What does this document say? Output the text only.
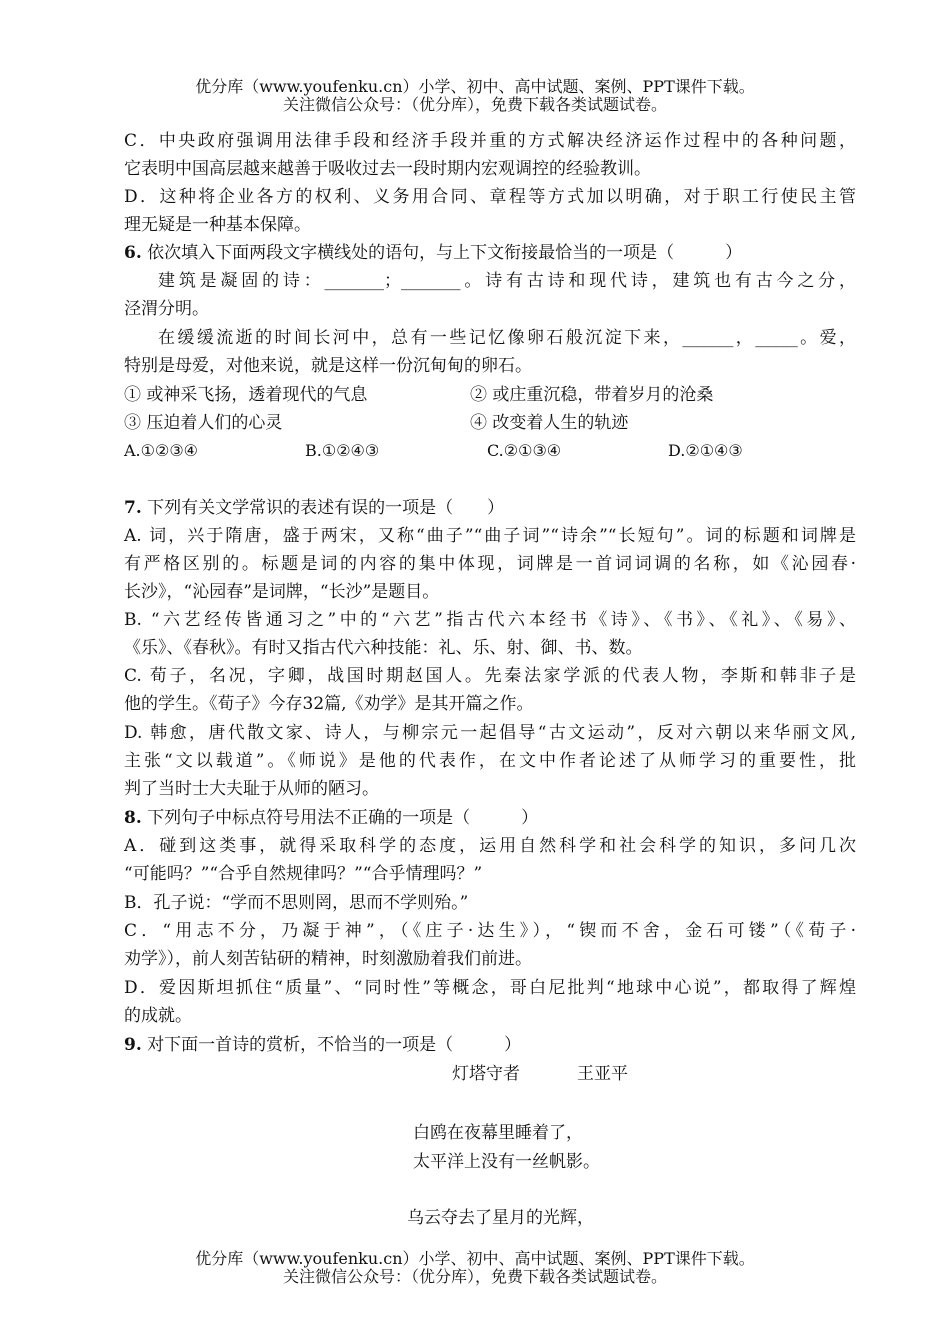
优分库（www.youfenku.cn）小学、初中、高中试题、案例、PPT课件下载。
关注微信公众号：（优分库），免费下载各类试题试卷。
C．中央政府强调用法律手段和经济手段并重的方式解决经济运作过程中的各种问题，
它表明中国高层越来越善于吸收过去一段时期内宏观调控的经验教训。
D．这种将企业各方的权利、义务用合同、章程等方式加以明确，对于职工行使民主管
理无疑是一种基本保障。
6. 依次填入下面两段文字横线处的语句，与上下文衔接最恰当的一项是（　　　）
建筑是凝固的诗：_______；_______。诗有古诗和现代诗，建筑也有古今之分，
泾渭分明。
在缓缓流逝的时间长河中，总有一些记忆像卵石般沉淀下来，______，_____。爱，
特别是母爱，对他来说，就是这样一份沉甸甸的卵石。
① 或神采飞扬，透着现代的气息	② 或庄重沉稳，带着岁月的沧桑
③ 压迫着人们的心灵	④ 改变着人生的轨迹
A.①②③④	B.①②④③	C.②①③④	D.②①④③
7. 下列有关文学常识的表述有误的一项是（　　）
A. 词，兴于隋唐，盛于两宋，又称“曲子”“曲子词”“诗余”“长短句”。词的标题和词牌是
有严格区别的。标题是词的内容的集中体现，词牌是一首词词调的名称，如《沁园春·
长沙》，“沁园春”是词牌，“长沙”是题目。
B. “六艺经传皆通习之”中的“六艺”指古代六本经书《诗》、《书》、《礼》、《易》、
《乐》、《春秋》。有时又指古代六种技能：礼、乐、射、御、书、数。
C. 荀子，名况，字卿，战国时期赵国人。先秦法家学派的代表人物，李斯和韩非子是
他的学生。《荀子》今存32篇,《劝学》是其开篇之作。
D. 韩愈，唐代散文家、诗人，与柳宗元一起倡导“古文运动”，反对六朝以来华丽文风,
主张“文以载道”。《师说》是他的代表作，在文中作者论述了从师学习的重要性，批
判了当时士大夫耻于从师的陋习。
8. 下列句子中标点符号用法不正确的一项是（　　　）
A．碰到这类事，就得采取科学的态度，运用自然科学和社会科学的知识，多问几次
“可能吗？”“合乎自然规律吗？”“合乎情理吗？”
B．孔子说：“学而不思则罔，思而不学则殆。”
C．“用志不分，乃凝于神”，（《庄子·达生》），“锲而不舍，金石可镂”（《荀子·
劝学》），前人刻苦钻研的精神，时刻激励着我们前进。
D．爱因斯坦抓住“质量”、“同时性”等概念，哥白尼批判“地球中心说”，都取得了辉煌
的成就。
9. 对下面一首诗的赏析，不恰当的一项是（　　　）
灯塔守者	王亚平
白鸥在夜幕里睡着了，
太平洋上没有一丝帆影。
乌云夺去了星月的光辉，
优分库（www.youfenku.cn）小学、初中、高中试题、案例、PPT课件下载。
关注微信公众号：（优分库），免费下载各类试题试卷。
